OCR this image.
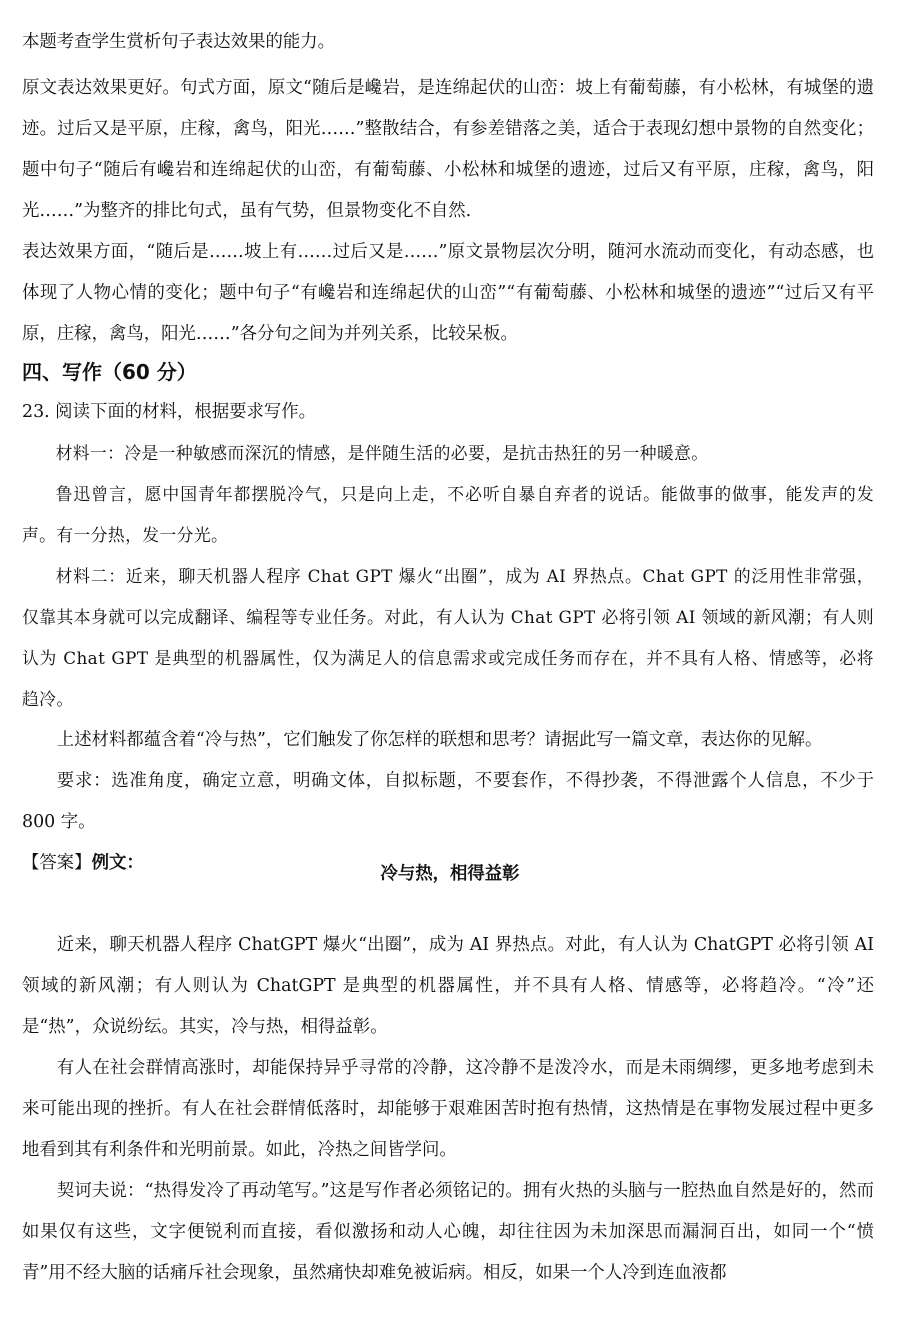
本题考查学生赏析句子表达效果的能力。

原文表达效果更好。句式方面，原文“随后是巉岩，是连绵起伏的山峦：坡上有葡萄藤，有小松林，有城堡的遗迹。过后又是平原，庄稼，禽鸟，阳光……”整散结合，有参差错落之美，适合于表现幻想中景物的自然变化；题中句子“随后有巉岩和连绵起伏的山峦，有葡萄藤、小松林和城堡的遗迹，过后又有平原，庄稼，禽鸟，阳光……”为整齐的排比句式，虽有气势，但景物变化不自然.

表达效果方面，“随后是……坡上有……过后又是……”原文景物层次分明，随河水流动而变化，有动态感，也体现了人物心情的变化；题中句子“有巉岩和连绵起伏的山峦”“有葡萄藤、小松林和城堡的遗迹”“过后又有平原，庄稼，禽鸟，阳光……”各分句之间为并列关系，比较呆板。

四、写作（60 分）

23. 阅读下面的材料，根据要求写作。

材料一：冷是一种敏感而深沉的情感，是伴随生活的必要，是抗击热狂的另一种暖意。

鲁迅曾言，愿中国青年都摆脱冷气，只是向上走，不必听自暴自弃者的说话。能做事的做事，能发声的发声。有一分热，发一分光。

材料二：近来，聊天机器人程序 Chat GPT 爆火“出圈”，成为 AI 界热点。Chat GPT 的泛用性非常强，仅靠其本身就可以完成翻译、编程等专业任务。对此，有人认为 Chat GPT 必将引领 AI 领域的新风潮；有人则认为 Chat GPT 是典型的机器属性，仅为满足人的信息需求或完成任务而存在，并不具有人格、情感等，必将趋冷。

上述材料都蕴含着“冷与热”，它们触发了你怎样的联想和思考？请据此写一篇文章，表达你的见解。

要求：选准角度，确定立意，明确文体，自拟标题，不要套作，不得抄袭，不得泄露个人信息，不少于 800 字。

【答案】例文：

冷与热，相得益彰

近来，聊天机器人程序 ChatGPT 爆火“出圈”，成为 AI 界热点。对此，有人认为 ChatGPT 必将引领 AI 领域的新风潮；有人则认为 ChatGPT 是典型的机器属性，并不具有人格、情感等，必将趋冷。“冷”还是“热”，众说纷纭。其实，冷与热，相得益彰。

有人在社会群情高涨时，却能保持异乎寻常的冷静，这冷静不是泼冷水，而是未雨绸缪，更多地考虑到未来可能出现的挫折。有人在社会群情低落时，却能够于艰难困苦时抱有热情，这热情是在事物发展过程中更多地看到其有利条件和光明前景。如此，冷热之间皆学问。

契诃夫说：“热得发冷了再动笔写。”这是写作者必须铭记的。拥有火热的头脑与一腔热血自然是好的，然而如果仅有这些，文字便锐利而直接，看似激扬和动人心魄，却往往因为未加深思而漏洞百出，如同一个“愤青”用不经大脑的话痛斥社会现象，虽然痛快却难免被诟病。相反，如果一个人冷到连血液都
